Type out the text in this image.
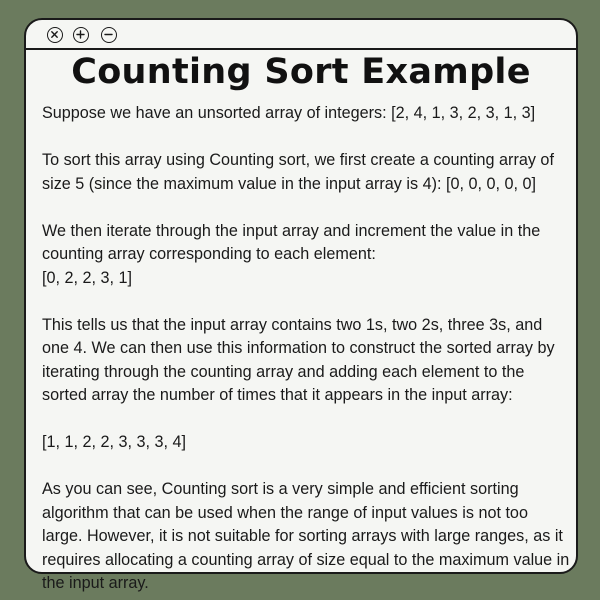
Counting Sort Example

Suppose we have an unsorted array of integers: [2, 4, 1, 3, 2, 3, 1, 3]

To sort this array using Counting sort, we first create a counting array of size 5 (since the maximum value in the input array is 4): [0, 0, 0, 0, 0]

We then iterate through the input array and increment the value in the counting array corresponding to each element:
[0, 2, 2, 3, 1]

This tells us that the input array contains two 1s, two 2s, three 3s, and one 4. We can then use this information to construct the sorted array by iterating through the counting array and adding each element to the sorted array the number of times that it appears in the input array:

[1, 1, 2, 2, 3, 3, 3, 4]

As you can see, Counting sort is a very simple and efficient sorting algorithm that can be used when the range of input values is not too large. However, it is not suitable for sorting arrays with large ranges, as it requires allocating a counting array of size equal to the maximum value in the input array.
